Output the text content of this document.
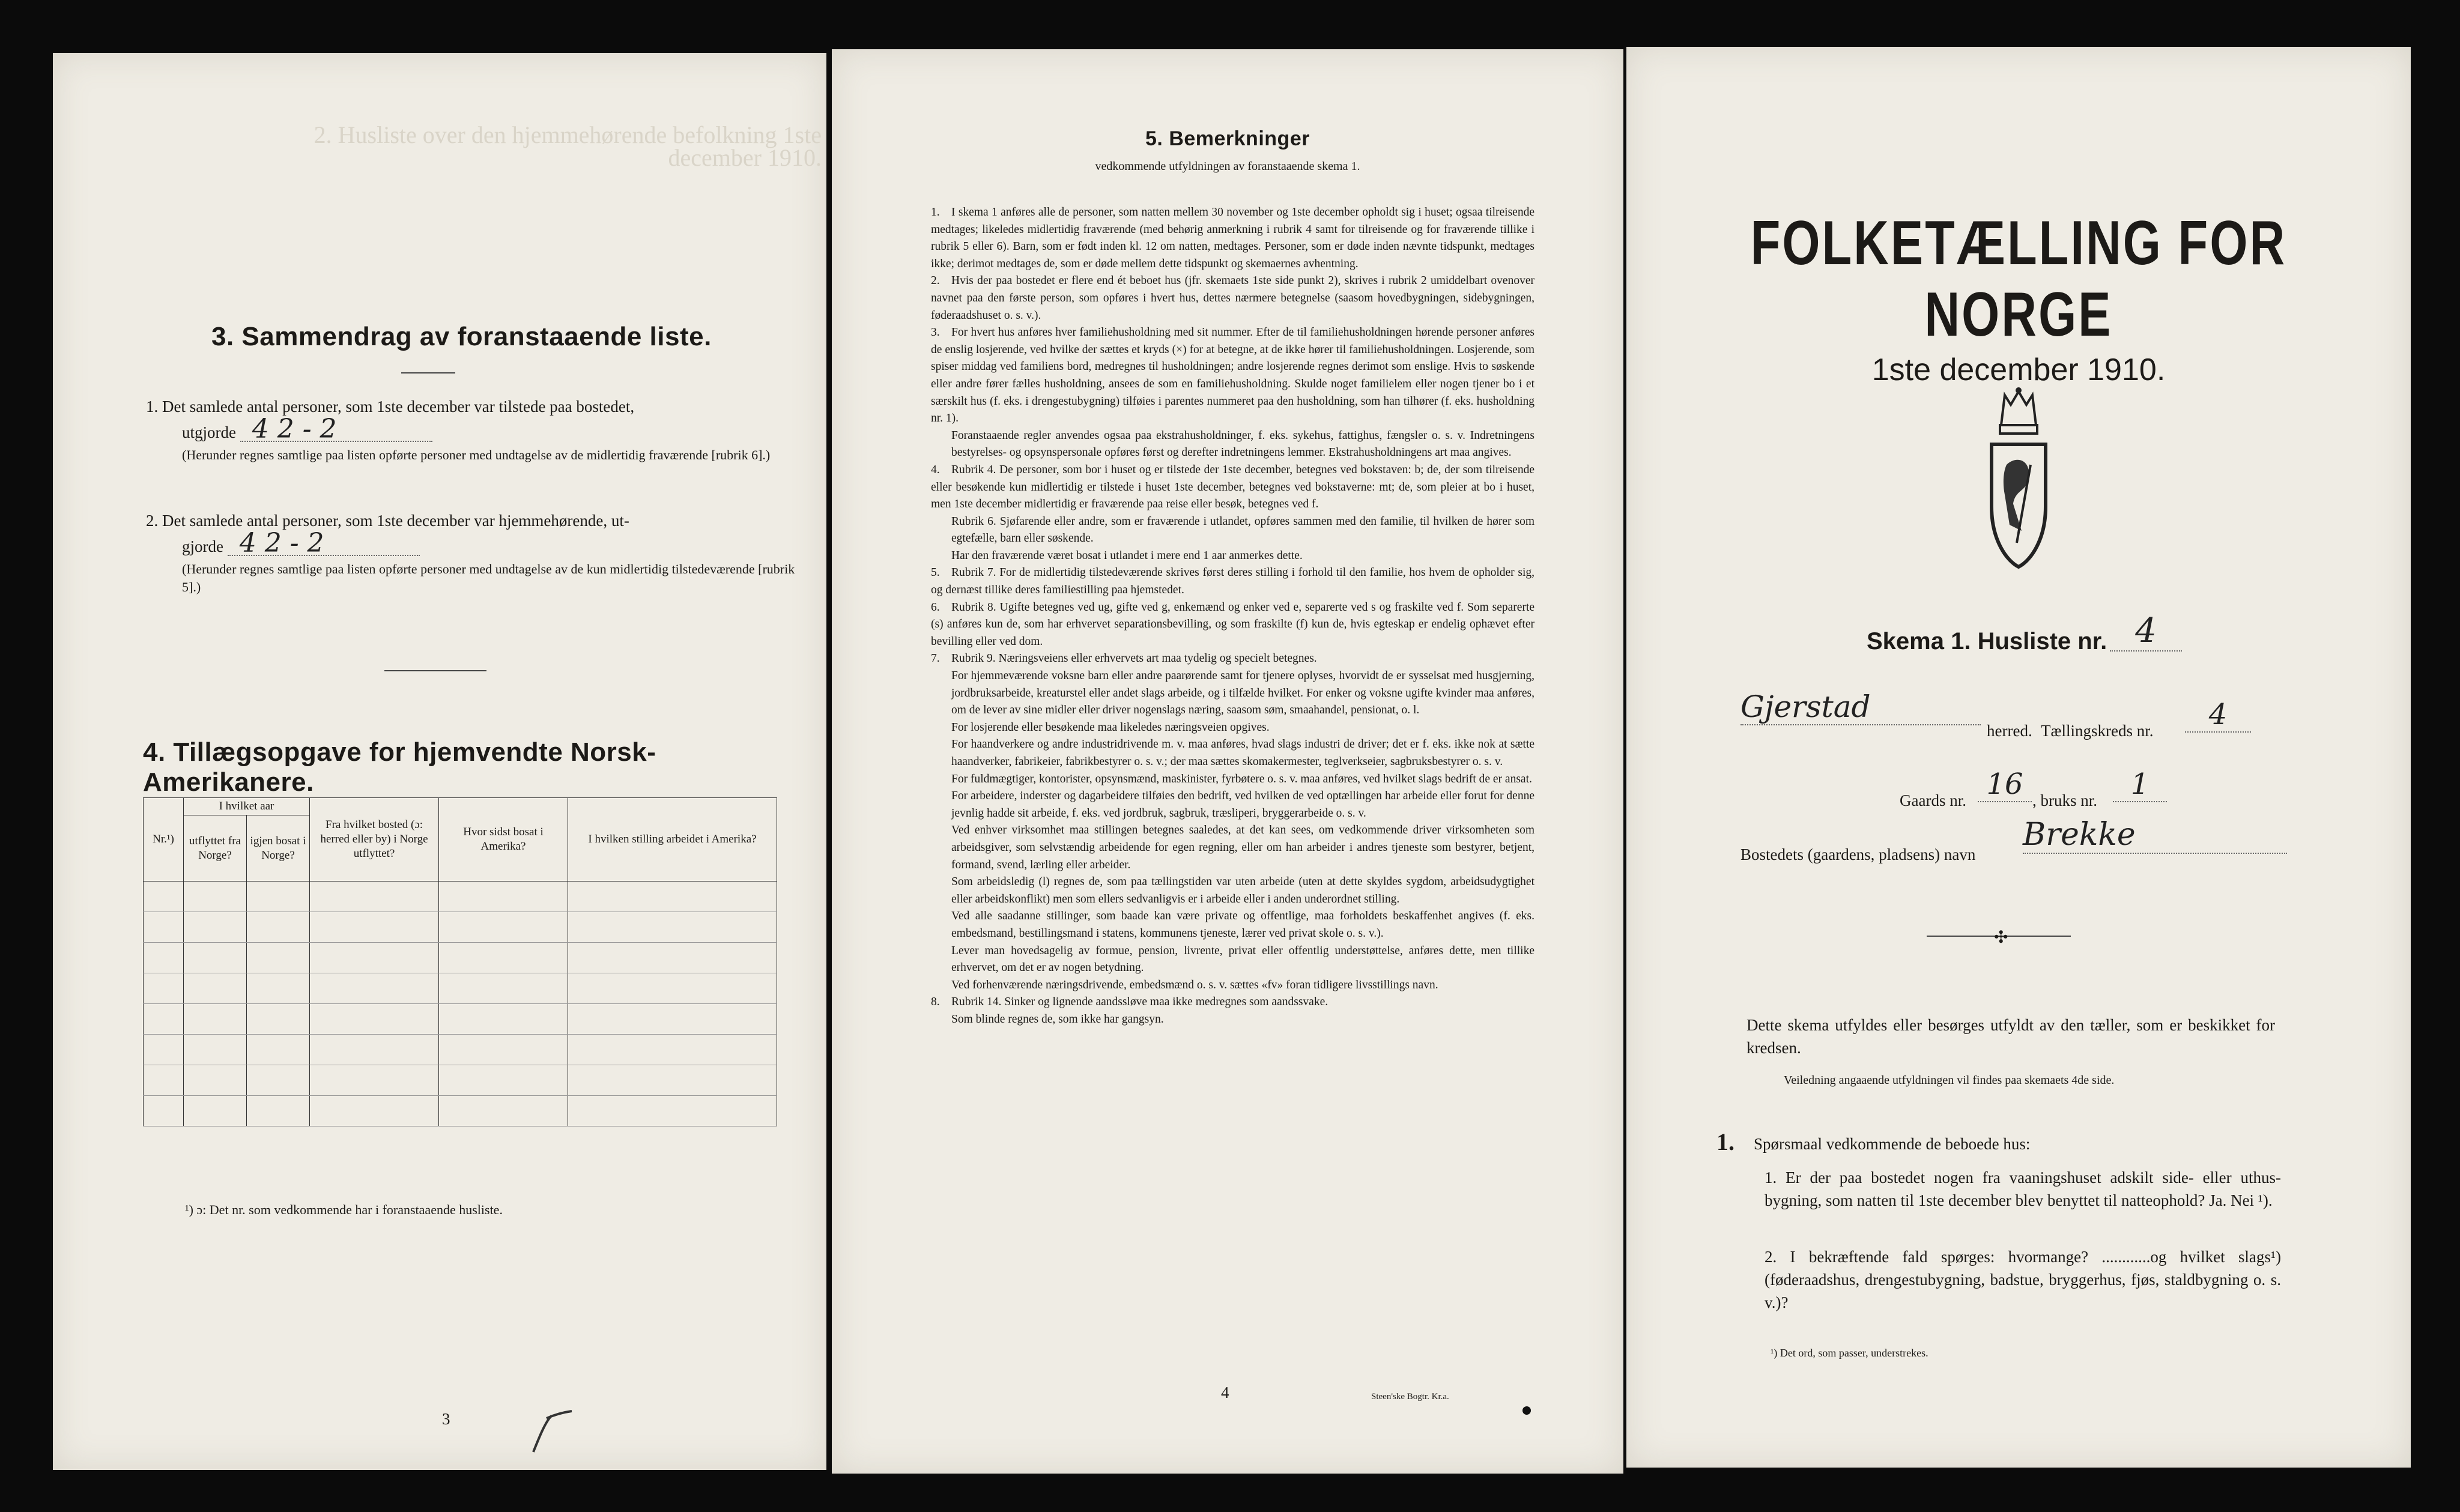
2. Husliste over den hjemmehørende befolkning 1ste december 1910.
3. Sammendrag av foranstaaende liste.
1. Det samlede antal personer, som 1ste december var tilstede paa bostedet,
utgjorde 4 2 - 2
(Herunder regnes samtlige paa listen opførte personer med undtagelse av de midlertidig fraværende [rubrik 6].)
2. Det samlede antal personer, som 1ste december var hjemmehørende, ut-
gjorde 4 2 - 2
(Herunder regnes samtlige paa listen opførte personer med undtagelse av de kun midlertidig tilstedeværende [rubrik 5].)
4. Tillægsopgave for hjemvendte Norsk-Amerikanere.
Nr.¹)	I hvilket aar		Fra hvilket bosted (ɔ: herred eller by) i Norge utflyttet?	Hvor sidst bosat i Amerika?	I hvilken stilling arbeidet i Amerika?
	utflyttet fra Norge?	igjen bosat i Norge?			

¹) ɔ: Det nr. som vedkommende har i foranstaaende husliste.
3
5. Bemerkninger
vedkommende utfyldningen av foranstaaende skema 1.

1. I skema 1 anføres alle de personer, som natten mellem 30 november og 1ste december opholdt sig i huset; ogsaa tilreisende medtages; likeledes midlertidig fraværende (med behørig anmerkning i rubrik 4 samt for tilreisende og for fraværende tillike i rubrik 5 eller 6). Barn, som er født inden kl. 12 om natten, medtages. Personer, som er døde inden nævnte tidspunkt, medtages ikke; derimot medtages de, som er døde mellem dette tidspunkt og skemaernes avhentning.

2. Hvis der paa bostedet er flere end ét beboet hus (jfr. skemaets 1ste side punkt 2), skrives i rubrik 2 umiddelbart ovenover navnet paa den første person, som opføres i hvert hus, dettes nærmere betegnelse (saasom hovedbygningen, sidebygningen, føderaadshuset o. s. v.).

3. For hvert hus anføres hver familiehusholdning med sit nummer. Efter de til familiehusholdningen hørende personer anføres de enslig losjerende, ved hvilke der sættes et kryds (×) for at betegne, at de ikke hører til familiehusholdningen. Losjerende, som spiser middag ved familiens bord, medregnes til husholdningen; andre losjerende regnes derimot som enslige. Hvis to søskende eller andre fører fælles husholdning, ansees de som en familiehusholdning. Skulde noget familielem eller nogen tjener bo i et særskilt hus (f. eks. i drengestubygning) tilføies i parentes nummeret paa den husholdning, som han tilhører (f. eks. husholdning nr. 1).

Foranstaaende regler anvendes ogsaa paa ekstrahusholdninger, f. eks. sykehus, fattighus, fængsler o. s. v. Indretningens bestyrelses- og opsynspersonale opføres først og derefter indretningens lemmer. Ekstrahusholdningens art maa angives.

4. Rubrik 4. De personer, som bor i huset og er tilstede der 1ste december, betegnes ved bokstaven: b; de, der som tilreisende eller besøkende kun midlertidig er tilstede i huset 1ste december, betegnes ved bokstaverne: mt; de, som pleier at bo i huset, men 1ste december midlertidig er fraværende paa reise eller besøk, betegnes ved f.

Rubrik 6. Sjøfarende eller andre, som er fraværende i utlandet, opføres sammen med den familie, til hvilken de hører som egtefælle, barn eller søskende.

Har den fraværende været bosat i utlandet i mere end 1 aar anmerkes dette.

5. Rubrik 7. For de midlertidig tilstedeværende skrives først deres stilling i forhold til den familie, hos hvem de opholder sig, og dernæst tillike deres familiestilling paa hjemstedet.

6. Rubrik 8. Ugifte betegnes ved ug, gifte ved g, enkemænd og enker ved e, separerte ved s og fraskilte ved f. Som separerte (s) anføres kun de, som har erhvervet separationsbevilling, og som fraskilte (f) kun de, hvis egteskap er endelig ophævet efter bevilling eller ved dom.

7. Rubrik 9. Næringsveiens eller erhvervets art maa tydelig og specielt betegnes.

For hjemmeværende voksne barn eller andre paarørende samt for tjenere oplyses, hvorvidt de er sysselsat med husgjerning, jordbruksarbeide, kreaturstel eller andet slags arbeide, og i tilfælde hvilket. For enker og voksne ugifte kvinder maa anføres, om de lever av sine midler eller driver nogenslags næring, saasom søm, smaahandel, pensionat, o. l.

For losjerende eller besøkende maa likeledes næringsveien opgives.

For haandverkere og andre industridrivende m. v. maa anføres, hvad slags industri de driver; det er f. eks. ikke nok at sætte haandverker, fabrikeier, fabrikbestyrer o. s. v.; der maa sættes skomakermester, teglverkseier, sagbruksbestyrer o. s. v.

For fuldmægtiger, kontorister, opsynsmænd, maskinister, fyrbøtere o. s. v. maa anføres, ved hvilket slags bedrift de er ansat.

For arbeidere, inderster og dagarbeidere tilføies den bedrift, ved hvilken de ved optællingen har arbeide eller forut for denne jevnlig hadde sit arbeide, f. eks. ved jordbruk, sagbruk, træsliperi, bryggerarbeide o. s. v.

Ved enhver virksomhet maa stillingen betegnes saaledes, at det kan sees, om vedkommende driver virksomheten som arbeidsgiver, som selvstændig arbeidende for egen regning, eller om han arbeider i andres tjeneste som bestyrer, betjent, formand, svend, lærling eller arbeider.

Som arbeidsledig (l) regnes de, som paa tællingstiden var uten arbeide (uten at dette skyldes sygdom, arbeidsudygtighet eller arbeidskonflikt) men som ellers sedvanligvis er i arbeide eller i anden underordnet stilling.

Ved alle saadanne stillinger, som baade kan være private og offentlige, maa forholdets beskaffenhet angives (f. eks. embedsmand, bestillingsmand i statens, kommunens tjeneste, lærer ved privat skole o. s. v.).

Lever man hovedsagelig av formue, pension, livrente, privat eller offentlig understøttelse, anføres dette, men tillike erhvervet, om det er av nogen betydning.

Ved forhenværende næringsdrivende, embedsmænd o. s. v. sættes «fv» foran tidligere livsstillings navn.

8. Rubrik 14. Sinker og lignende aandssløve maa ikke medregnes som aandssvake.

Som blinde regnes de, som ikke har gangsyn.

4	Steen'ske Bogtr. Kr.a.
FOLKETÆLLING FOR NORGE
1ste december 1910.
Skema 1. Husliste nr. 4
Gjerstad
herred. Tællingskreds nr.	4
Gaards nr. 16 , bruks nr.	1
Bostedets (gaardens, pladsens) navn
Brekke
✣
Dette skema utfyldes eller besørges utfyldt av den tæller, som er beskikket for kredsen.
Veiledning angaaende utfyldningen vil findes paa skemaets 4de side.
1. Spørsmaal vedkommende de beboede hus:
1. Er der paa bostedet nogen fra vaaningshuset adskilt side- eller uthus-bygning, som natten til 1ste december blev benyttet til natteophold? Ja. Nei ¹).
2. I bekræftende fald spørges: hvormange? ............og hvilket slags¹) (føderaadshus, drengestubygning, badstue, bryggerhus, fjøs, staldbygning o. s. v.)?
¹) Det ord, som passer, understrekes.
